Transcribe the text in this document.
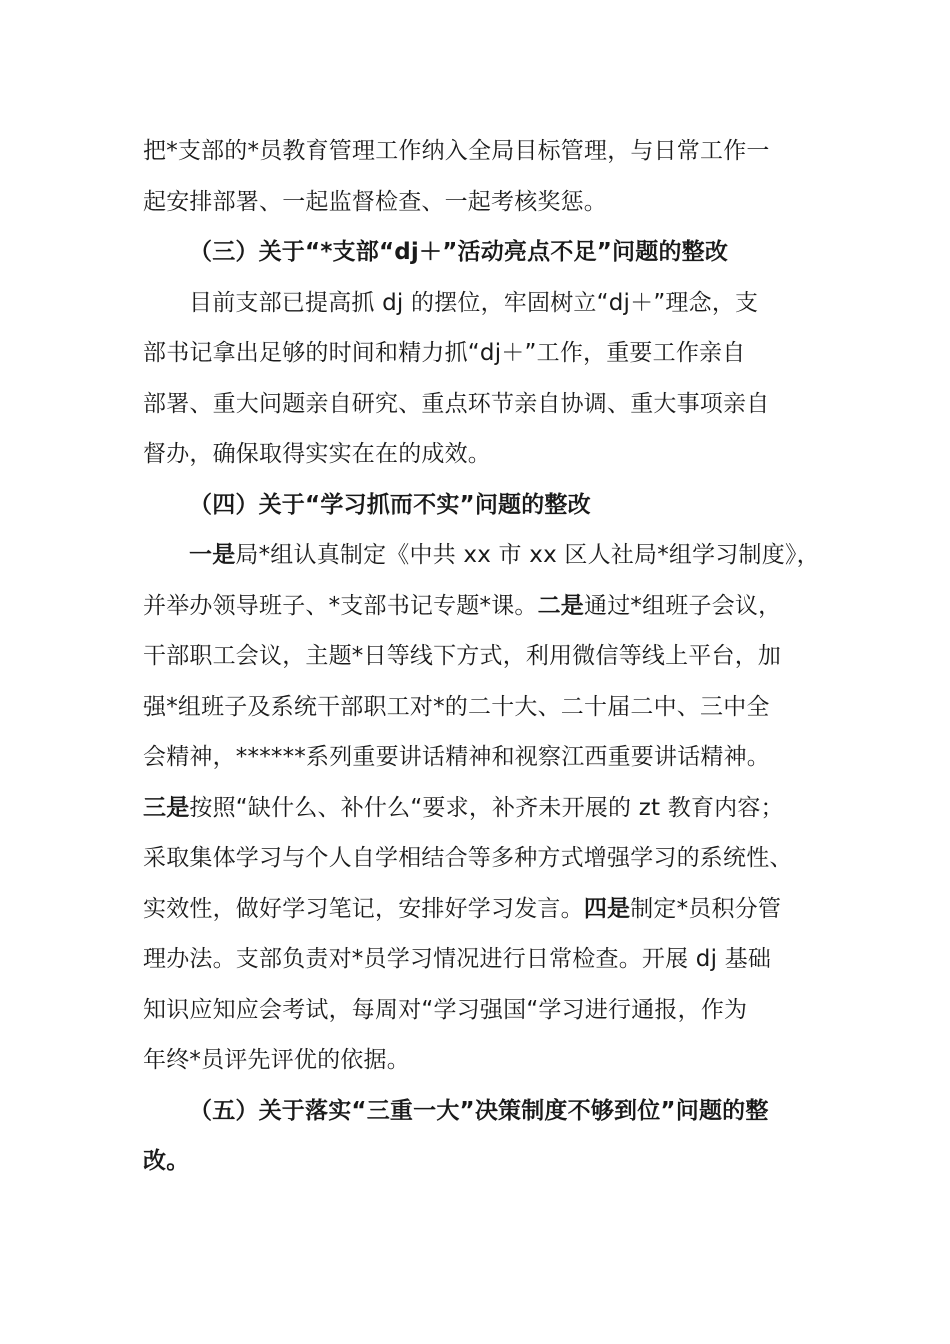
把*支部的*员教育管理工作纳入全局目标管理，与日常工作一
起安排部署、一起监督检查、一起考核奖惩。
（三）关于“*支部“dj＋”活动亮点不足”问题的整改
目前支部已提高抓 dj 的摆位，牢固树立“dj＋”理念，支
部书记拿出足够的时间和精力抓“dj＋”工作，重要工作亲自
部署、重大问题亲自研究、重点环节亲自协调、重大事项亲自
督办，确保取得实实在在的成效。
（四）关于“学习抓而不实”问题的整改
一是局*组认真制定《中共 xx 市 xx 区人社局*组学习制度》，
并举办领导班子、*支部书记专题*课。二是通过*组班子会议，
干部职工会议，主题*日等线下方式，利用微信等线上平台，加
强*组班子及系统干部职工对*的二十大、二十届二中、三中全
会精神，******系列重要讲话精神和视察江西重要讲话精神。
三是按照“缺什么、补什么“要求，补齐未开展的 zt 教育内容；
采取集体学习与个人自学相结合等多种方式增强学习的系统性、
实效性，做好学习笔记，安排好学习发言。四是制定*员积分管
理办法。支部负责对*员学习情况进行日常检查。开展 dj 基础
知识应知应会考试，每周对“学习强国“学习进行通报，作为
年终*员评先评优的依据。
（五）关于落实“三重一大”决策制度不够到位”问题的整
改。
